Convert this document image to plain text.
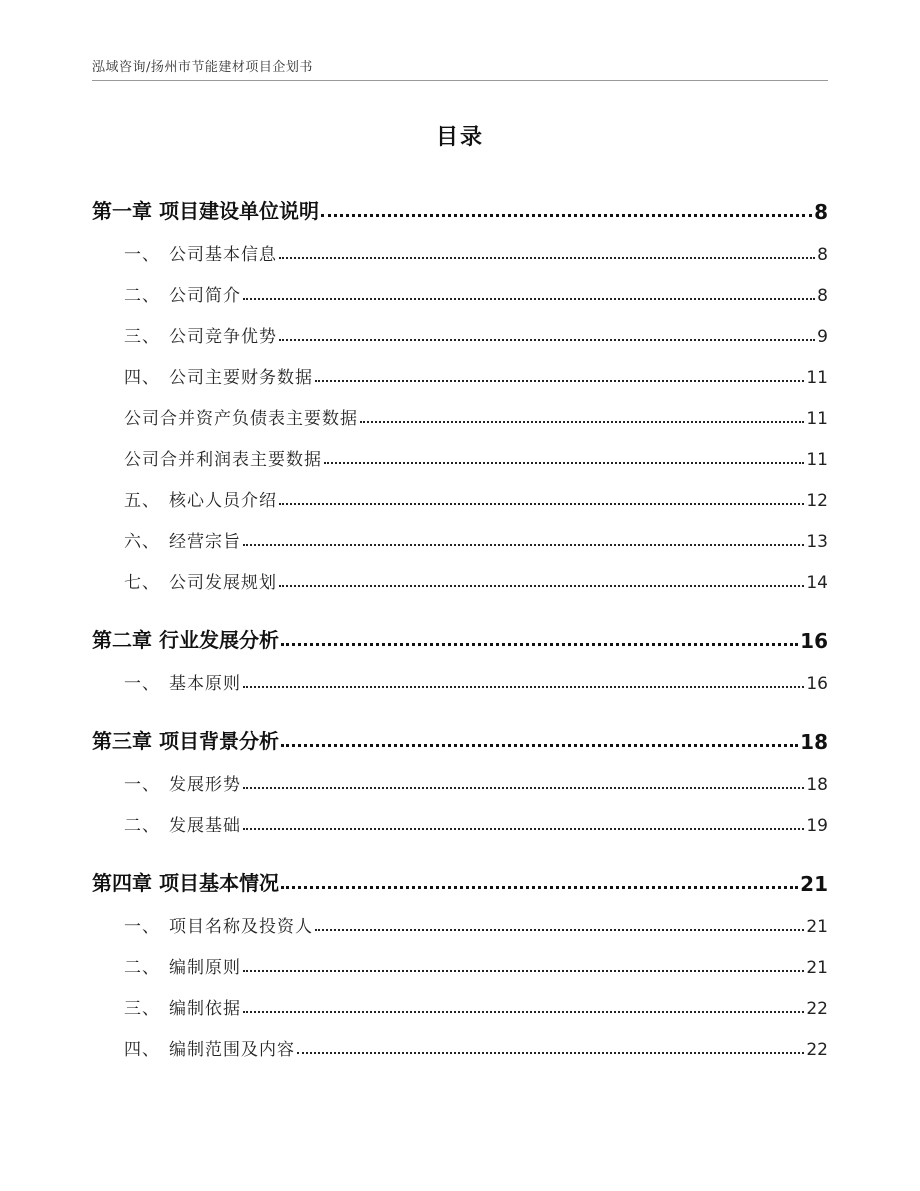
泓域咨询/扬州市节能建材项目企划书
目录
第一章 项目建设单位说明	8
一、 公司基本信息	8
二、 公司简介	8
三、 公司竞争优势	9
四、 公司主要财务数据	11
公司合并资产负债表主要数据	11
公司合并利润表主要数据	11
五、 核心人员介绍	12
六、 经营宗旨	13
七、 公司发展规划	14
第二章 行业发展分析	16
一、 基本原则	16
第三章 项目背景分析	18
一、 发展形势	18
二、 发展基础	19
第四章 项目基本情况	21
一、 项目名称及投资人	21
二、 编制原则	21
三、 编制依据	22
四、 编制范围及内容	22
